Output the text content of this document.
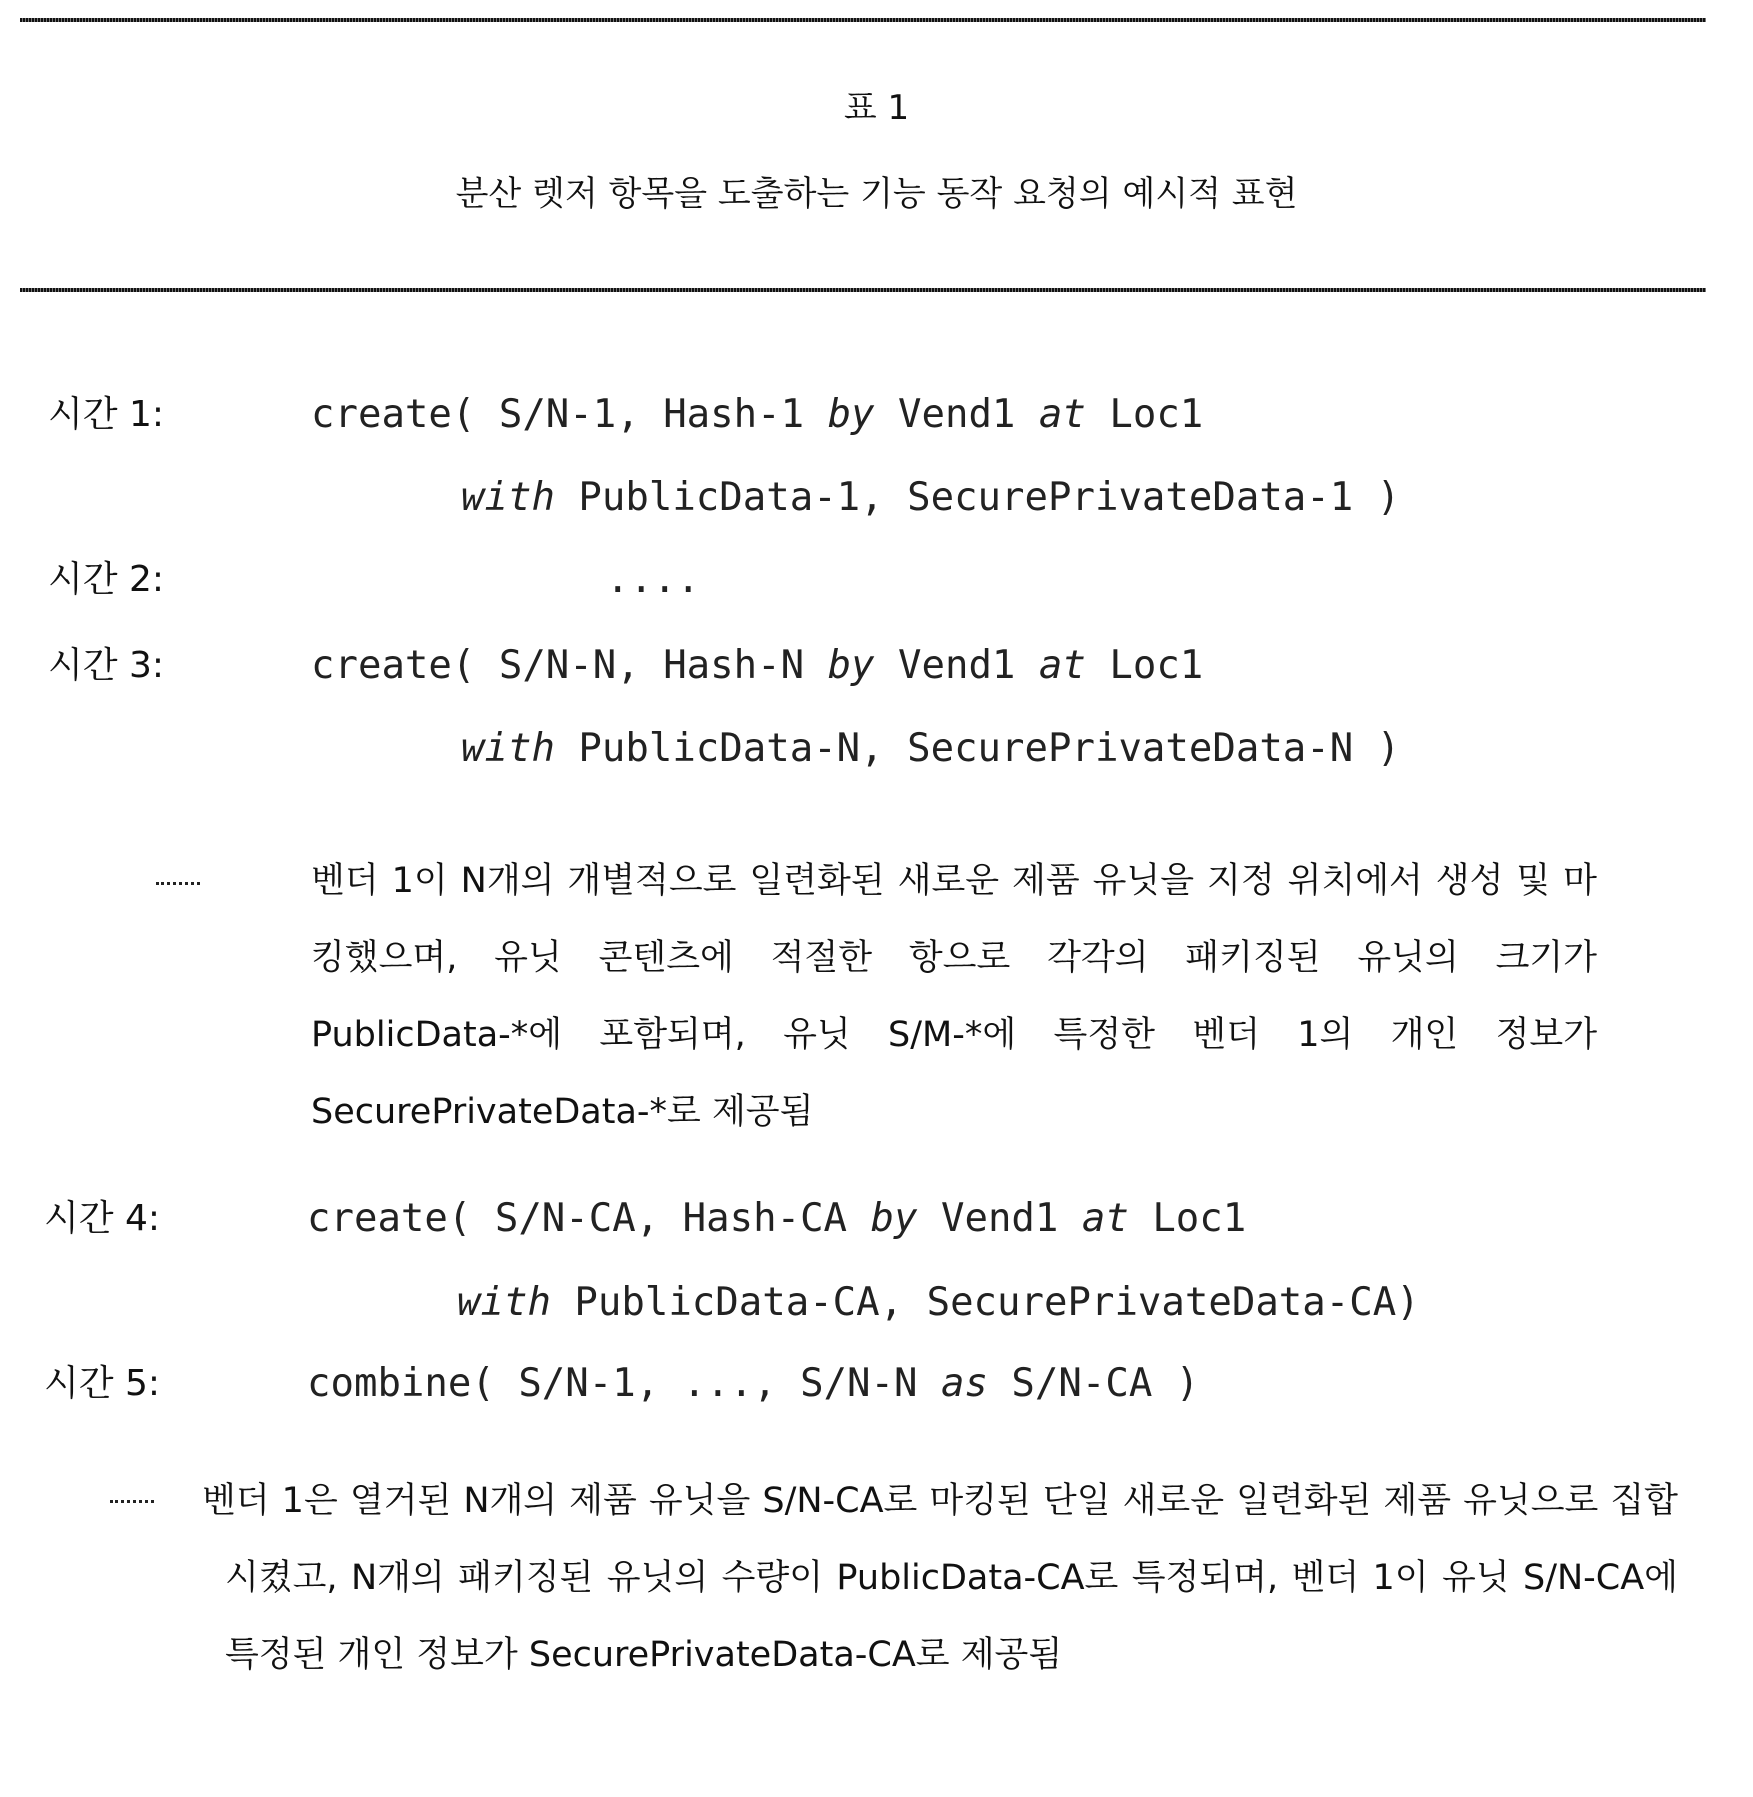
표 1
분산 렛저 항목을 도출하는 기능 동작 요청의 예시적 표현
시간 1:	create( S/N-1, Hash-1 by Vend1 at Loc1
with PublicData-1, SecurePrivateData-1 )
시간 2:	....
시간 3:	create( S/N-N, Hash-N by Vend1 at Loc1
with PublicData-N, SecurePrivateData-N )
벤더 1이 N개의 개별적으로 일련화된 새로운 제품 유닛을 지정 위치에서 생성 및 마킹했으며, 유닛 콘텐츠에 적절한 항으로 각각의 패키징된 유닛의 크기가 PublicData-*에 포함되며, 유닛 S/M-*에 특정한 벤더 1의 개인 정보가 SecurePrivateData-*로 제공됨
시간 4:	create( S/N-CA, Hash-CA by Vend1 at Loc1
with PublicData-CA, SecurePrivateData-CA)
시간 5:	combine( S/N-1, ..., S/N-N as S/N-CA )
벤더 1은 열거된 N개의 제품 유닛을 S/N-CA로 마킹된 단일 새로운 일련화된 제품 유닛으로 집합시켰고, N개의 패키징된 유닛의 수량이 PublicData-CA로 특정되며, 벤더 1이 유닛 S/N-CA에 특정된 개인 정보가 SecurePrivateData-CA로 제공됨
